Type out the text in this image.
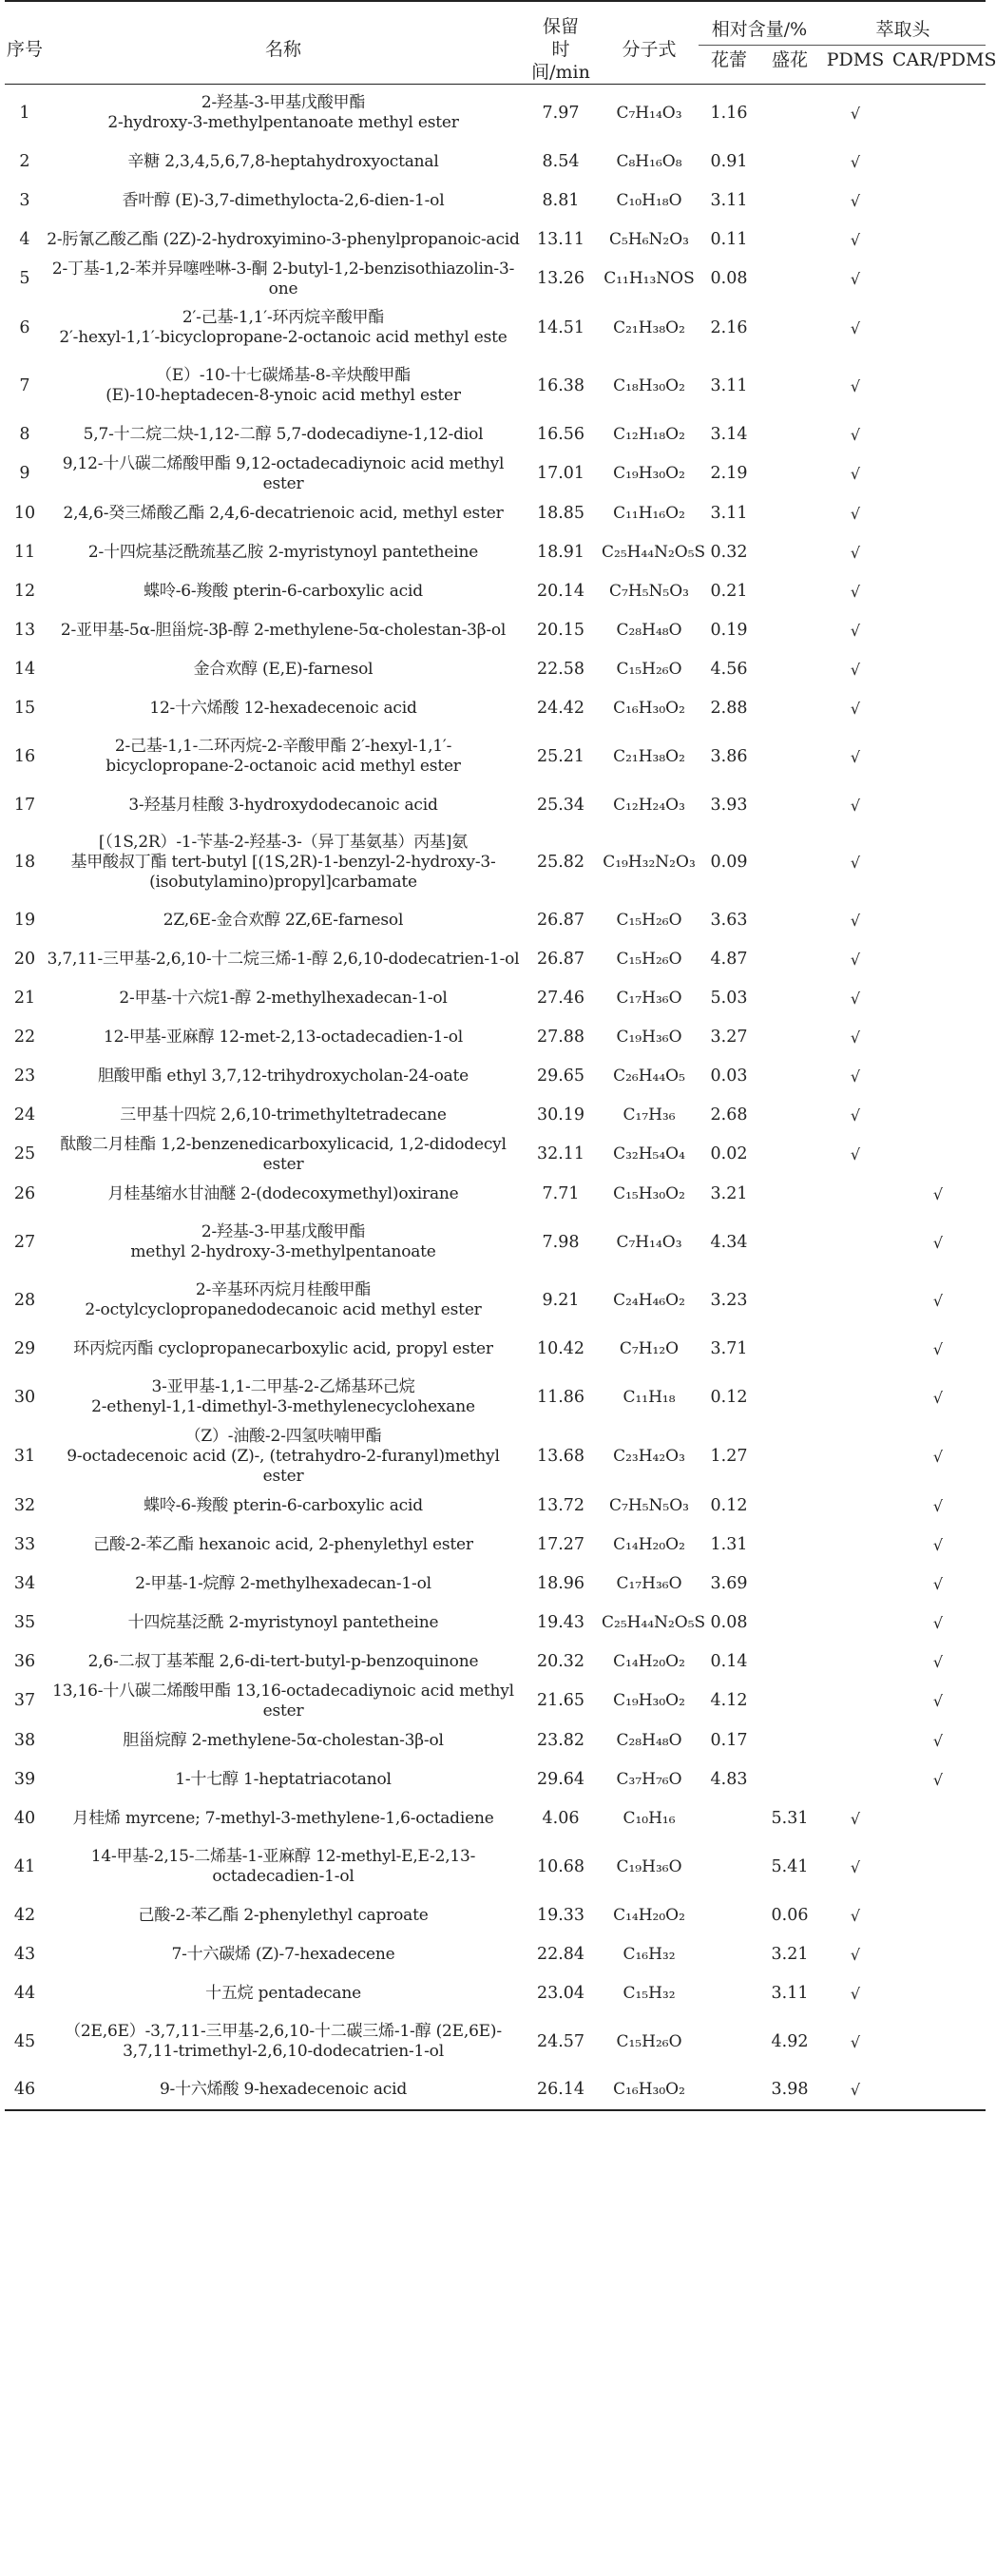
序号	名称	保留
时间/min	分子式	相对含量/%		萃取头	
				花蕾	盛花	PDMS	CAR/PDMS
1	2-羟基-3-甲基戊酸甲酯
2-hydroxy-3-methylpentanoate methyl ester	7.97	C₇H₁₄O₃	1.16		√	
2	辛糖 2,3,4,5,6,7,8-heptahydroxyoctanal	8.54	C₈H₁₆O₈	0.91		√	
3	香叶醇 (E)-3,7-dimethylocta-2,6-dien-1-ol	8.81	C₁₀H₁₈O	3.11		√	
4	2-肟氰乙酸乙酯 (2Z)-2-hydroxyimino-3-phenylpropanoic-acid	13.11	C₅H₆N₂O₃	0.11		√	
5	2-丁基-1,2-苯并异噻唑啉-3-酮 2-butyl-1,2-benzisothiazolin-3-one	13.26	C₁₁H₁₃NOS	0.08		√	
6	2′-己基-1,1′-环丙烷辛酸甲酯
2′-hexyl-1,1′-bicyclopropane-2-octanoic acid methyl este	14.51	C₂₁H₃₈O₂	2.16		√	
7	（E）-10-十七碳烯基-8-辛炔酸甲酯
(E)-10-heptadecen-8-ynoic acid methyl ester	16.38	C₁₈H₃₀O₂	3.11		√	
8	5,7-十二烷二炔-1,12-二醇 5,7-dodecadiyne-1,12-diol	16.56	C₁₂H₁₈O₂	3.14		√	
9	9,12-十八碳二烯酸甲酯 9,12-octadecadiynoic acid methyl ester	17.01	C₁₉H₃₀O₂	2.19		√	
10	2,4,6-癸三烯酸乙酯 2,4,6-decatrienoic acid, methyl ester	18.85	C₁₁H₁₆O₂	3.11		√	
11	2-十四烷基泛酰巯基乙胺 2-myristynoyl pantetheine	18.91	C₂₅H₄₄N₂O₅S	0.32		√	
12	蝶呤-6-羧酸 pterin-6-carboxylic acid	20.14	C₇H₅N₅O₃	0.21		√	
13	2-亚甲基-5α-胆甾烷-3β-醇 2-methylene-5α-cholestan-3β-ol	20.15	C₂₈H₄₈O	0.19		√	
14	金合欢醇 (E,E)-farnesol	22.58	C₁₅H₂₆O	4.56		√	
15	12-十六烯酸 12-hexadecenoic acid	24.42	C₁₆H₃₀O₂	2.88		√	
16	2-己基-1,1-二环丙烷-2-辛酸甲酯 2′-hexyl-1,1′-
bicyclopropane-2-octanoic acid methyl ester	25.21	C₂₁H₃₈O₂	3.86		√	
17	3-羟基月桂酸 3-hydroxydodecanoic acid	25.34	C₁₂H₂₄O₃	3.93		√	
18	[（1S,2R）-1-苄基-2-羟基-3-（异丁基氨基）丙基]氨
基甲酸叔丁酯 tert-butyl [(1S,2R)-1-benzyl-2-hydroxy-3-
(isobutylamino)propyl]carbamate	25.82	C₁₉H₃₂N₂O₃	0.09		√	
19	2Z,6E-金合欢醇 2Z,6E-farnesol	26.87	C₁₅H₂₆O	3.63		√	
20	3,7,11-三甲基-2,6,10-十二烷三烯-1-醇 2,6,10-dodecatrien-1-ol	26.87	C₁₅H₂₆O	4.87		√	
21	2-甲基-十六烷1-醇 2-methylhexadecan-1-ol	27.46	C₁₇H₃₆O	5.03		√	
22	12-甲基-亚麻醇 12-met-2,13-octadecadien-1-ol	27.88	C₁₉H₃₆O	3.27		√	
23	胆酸甲酯 ethyl 3,7,12-trihydroxycholan-24-oate	29.65	C₂₆H₄₄O₅	0.03		√	
24	三甲基十四烷 2,6,10-trimethyltetradecane	30.19	C₁₇H₃₆	2.68		√	
25	酞酸二月桂酯 1,2-benzenedicarboxylicacid, 1,2-didodecyl ester	32.11	C₃₂H₅₄O₄	0.02		√	
26	月桂基缩水甘油醚 2-(dodecoxymethyl)oxirane	7.71	C₁₅H₃₀O₂	3.21			√
27	2-羟基-3-甲基戊酸甲酯
methyl 2-hydroxy-3-methylpentanoate	7.98	C₇H₁₄O₃	4.34			√
28	2-辛基环丙烷月桂酸甲酯
2-octylcyclopropanedodecanoic acid methyl ester	9.21	C₂₄H₄₆O₂	3.23			√
29	环丙烷丙酯 cyclopropanecarboxylic acid, propyl ester	10.42	C₇H₁₂O	3.71			√
30	3-亚甲基-1,1-二甲基-2-乙烯基环己烷
2-ethenyl-1,1-dimethyl-3-methylenecyclohexane	11.86	C₁₁H₁₈	0.12			√
31	（Z）-油酸-2-四氢呋喃甲酯
9-octadecenoic acid (Z)-, (tetrahydro-2-furanyl)methyl ester	13.68	C₂₃H₄₂O₃	1.27			√
32	蝶呤-6-羧酸 pterin-6-carboxylic acid	13.72	C₇H₅N₅O₃	0.12			√
33	己酸-2-苯乙酯 hexanoic acid, 2-phenylethyl ester	17.27	C₁₄H₂₀O₂	1.31			√
34	2-甲基-1-烷醇 2-methylhexadecan-1-ol	18.96	C₁₇H₃₆O	3.69			√
35	十四烷基泛酰 2-myristynoyl pantetheine	19.43	C₂₅H₄₄N₂O₅S	0.08			√
36	2,6-二叔丁基苯醌 2,6-di-tert-butyl-p-benzoquinone	20.32	C₁₄H₂₀O₂	0.14			√
37	13,16-十八碳二烯酸甲酯 13,16-octadecadiynoic acid methyl ester	21.65	C₁₉H₃₀O₂	4.12			√
38	胆甾烷醇 2-methylene-5α-cholestan-3β-ol	23.82	C₂₈H₄₈O	0.17			√
39	1-十七醇 1-heptatriacotanol	29.64	C₃₇H₇₆O	4.83			√
40	月桂烯 myrcene; 7-methyl-3-methylene-1,6-octadiene	4.06	C₁₀H₁₆		5.31	√	
41	14-甲基-2,15-二烯基-1-亚麻醇 12-methyl-E,E-2,13-
octadecadien-1-ol	10.68	C₁₉H₃₆O		5.41	√	
42	己酸-2-苯乙酯 2-phenylethyl caproate	19.33	C₁₄H₂₀O₂		0.06	√	
43	7-十六碳烯 (Z)-7-hexadecene	22.84	C₁₆H₃₂		3.21	√	
44	十五烷 pentadecane	23.04	C₁₅H₃₂		3.11	√	
45	（2E,6E）-3,7,11-三甲基-2,6,10-十二碳三烯-1-醇 (2E,6E)-
3,7,11-trimethyl-2,6,10-dodecatrien-1-ol	24.57	C₁₅H₂₆O		4.92	√	
46	9-十六烯酸 9-hexadecenoic acid	26.14	C₁₆H₃₀O₂		3.98	√	
